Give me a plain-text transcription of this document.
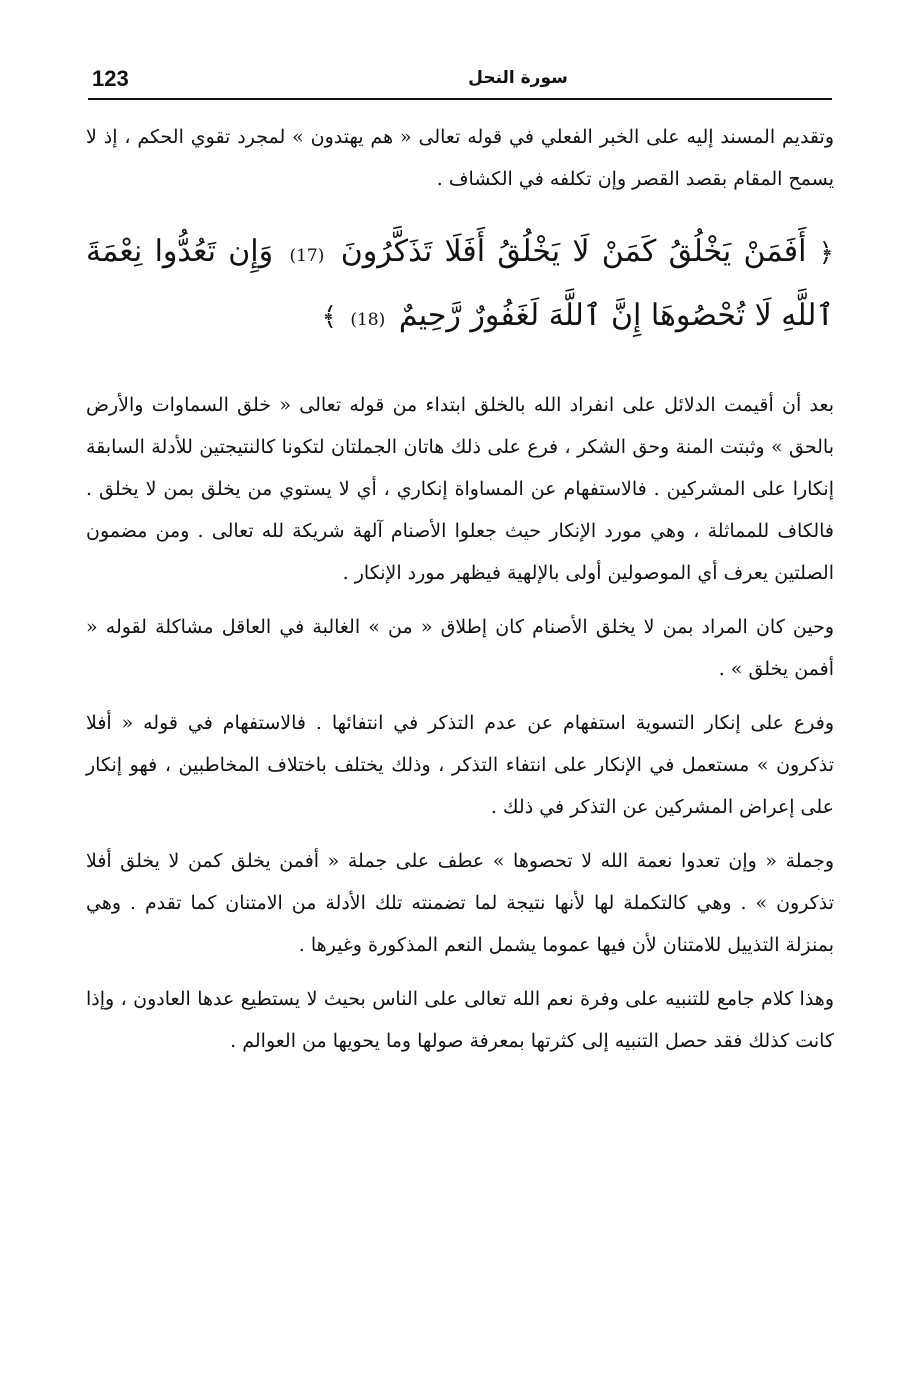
123	سورة النحل

وتقديم المسند إليه على الخبر الفعلي في قوله تعالى « هم يهتدون » لمجرد تقوي الحكم ، إذ لا يسمح المقام بقصد القصر وإن تكلفه في الكشاف .

﴿ أَفَمَنْ يَخْلُقُ كَمَنْ لَا يَخْلُقُ أَفَلَا تَذَكَّرُونَ (17) وَإِن تَعُدُّوا نِعْمَةَ ٱللَّهِ لَا تُحْصُوهَا إِنَّ ٱللَّهَ لَغَفُورٌ رَّحِيمٌ (18) ﴾

بعد أن أقيمت الدلائل على انفراد الله بالخلق ابتداء من قوله تعالى « خلق السماوات والأرض بالحق » وثبتت المنة وحق الشكر ، فرع على ذلك هاتان الجملتان لتكونا كالنتيجتين للأدلة السابقة إنكارا على المشركين . فالاستفهام عن المساواة إنكاري ، أي لا يستوي من يخلق بمن لا يخلق . فالكاف للمماثلة ، وهي مورد الإنكار حيث جعلوا الأصنام آلهة شريكة لله تعالى . ومن مضمون الصلتين يعرف أي الموصولين أولى بالإلهية فيظهر مورد الإنكار .

وحين كان المراد بمن لا يخلق الأصنام كان إطلاق « من » الغالبة في العاقل مشاكلة لقوله « أفمن يخلق » .

وفرع على إنكار التسوية استفهام عن عدم التذكر في انتفائها . فالاستفهام في قوله « أفلا تذكرون » مستعمل في الإنكار على انتفاء التذكر ، وذلك يختلف باختلاف المخاطبين ، فهو إنكار على إعراض المشركين عن التذكر في ذلك .

وجملة « وإن تعدوا نعمة الله لا تحصوها » عطف على جملة « أفمن يخلق كمن لا يخلق أفلا تذكرون » . وهي كالتكملة لها لأنها نتيجة لما تضمنته تلك الأدلة من الامتنان كما تقدم . وهي بمنزلة التذييل للامتنان لأن فيها عموما يشمل النعم المذكورة وغيرها .

وهذا كلام جامع للتنبيه على وفرة نعم الله تعالى على الناس بحيث لا يستطيع عدها العادون ، وإذا كانت كذلك فقد حصل التنبيه إلى كثرتها بمعرفة صولها وما يحويها من العوالم .
